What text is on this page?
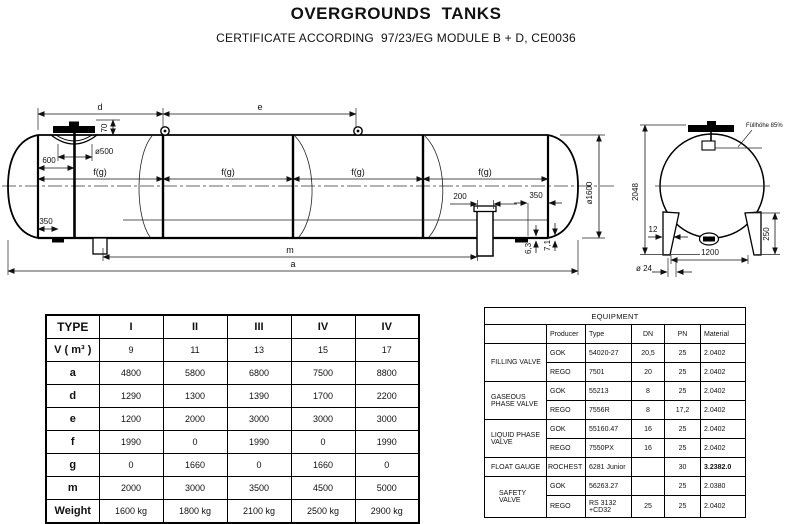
OVERGROUNDS  TANKS
CERTIFICATE ACCORDING  97/23/EG MODULE B + D, CE0036
d	e
70
ø500
600
f(g)	f(g)	f(g)	f(g)
350
200	350
6,3 7,1
ø1600
m
a
Füllhöhe 85%
2048
12	250
1200
ø 24
TYPE	I	II	III	IV	IV
V ( m³ )	9	11	13	15	17
a	4800	5800	6800	7500	8800
d	1290	1300	1390	1700	2200
e	1200	2000	3000	3000	3000
f	1990	0	1990	0	1990
g	0	1660	0	1660	0
m	2000	3000	3500	4500	5000
Weight	1600 kg	1800 kg	2100 kg	2500 kg	2900 kg
EQUIPMENT					
	Producer	Type	DN	PN	Material
FILLING VALVE	GOK	54020-27	20,5	25	2.0402
	REGO	7501	20	25	2.0402
GASEOUS PHASE VALVE	GOK	55213	8	25	2.0402
	REGO	7556R	8	17,2	2.0402
LIQUID PHASE VALVE	GOK	55160.47	16	25	2.0402
	REGO	7550PX	16	25	2.0402
FLOAT GAUGE	ROCHEST	6281 Junior		30	3.2382.0
SAFETY VALVE	GOK	56263.27		25	2.0380
	REGO	RS 3132 +CD32	25	25	2.0402
